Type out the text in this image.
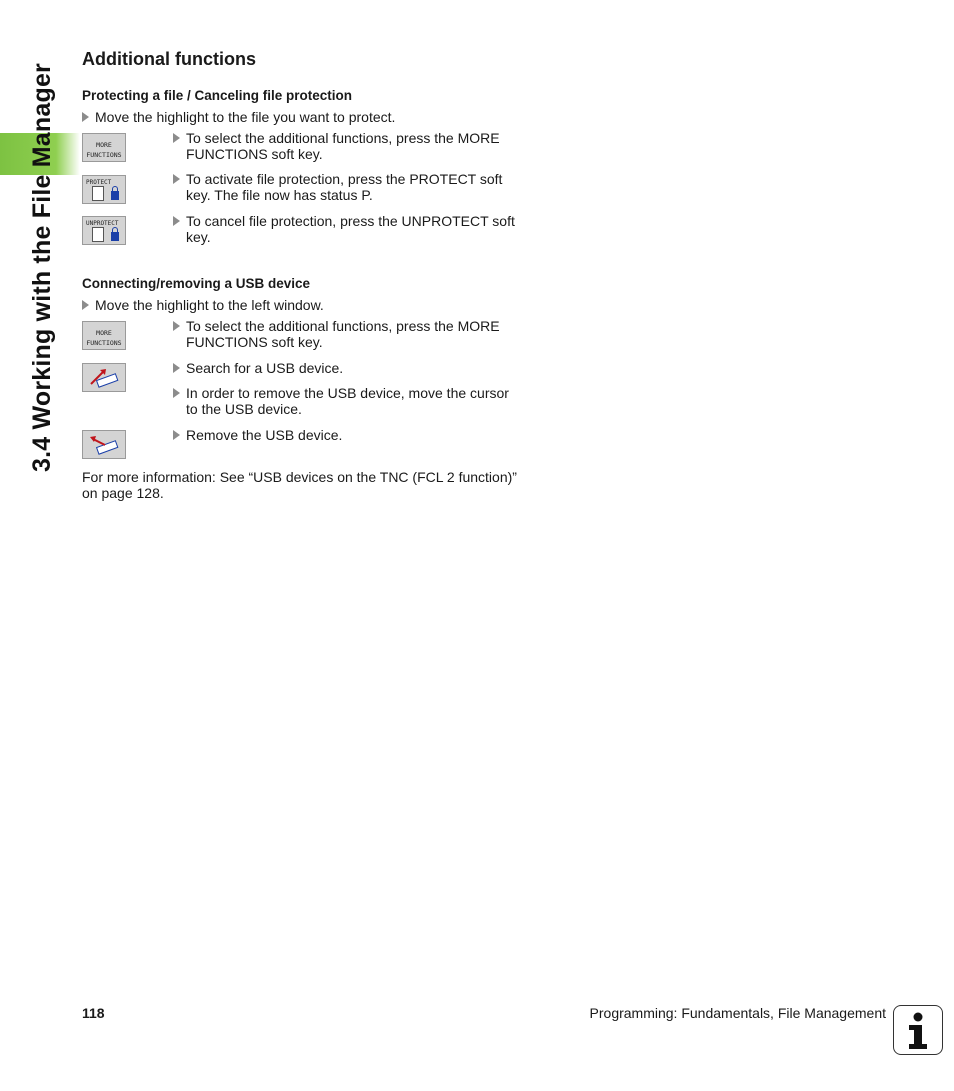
3.4 Working with the File Manager
Additional functions
Protecting a file / Canceling file protection
Move the highlight to the file you want to protect.
MORE
FUNCTIONS
To select the additional functions, press the MORE
FUNCTIONS soft key.
PROTECT	To activate file protection, press the PROTECT soft
key. The file now has status P.
UNPROTECT	To cancel file protection, press the UNPROTECT soft
key.
Connecting/removing a USB device
Move the highlight to the left window.
MORE
FUNCTIONS
To select the additional functions, press the MORE
FUNCTIONS soft key.
Search for a USB device.
In order to remove the USB device, move the cursor
to the USB device.
Remove the USB device.
For more information: See “USB devices on the TNC (FCL 2 function)”
on page 128.
118	Programming: Fundamentals, File Management
